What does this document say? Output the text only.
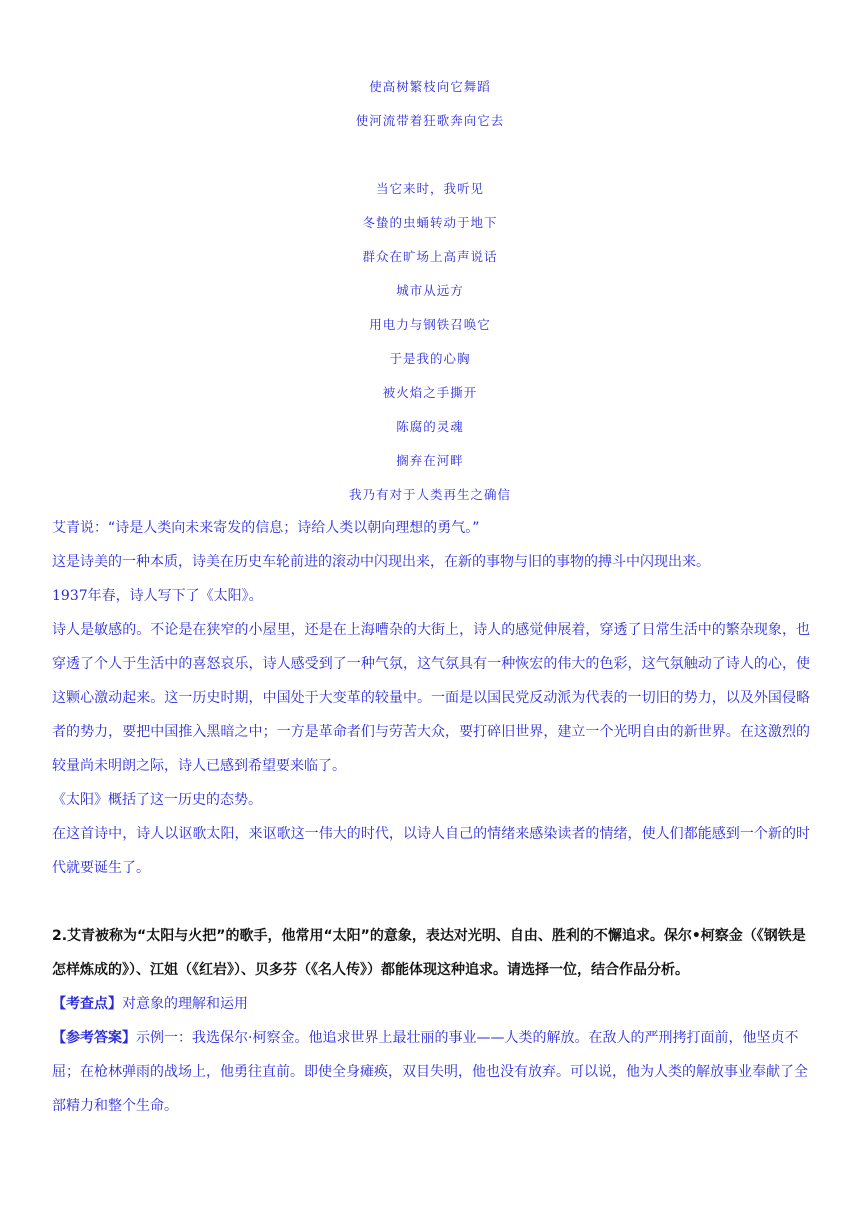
使高树繁枝向它舞蹈
使河流带着狂歌奔向它去
当它来时，我听见
冬蛰的虫蛹转动于地下
群众在旷场上高声说话
城市从远方
用电力与钢铁召唤它
于是我的心胸
被火焰之手撕开
陈腐的灵魂
搁弃在河畔
我乃有对于人类再生之确信

艾青说：“诗是人类向未来寄发的信息；诗给人类以朝向理想的勇气。”

这是诗美的一种本质，诗美在历史车轮前进的滚动中闪现出来，在新的事物与旧的事物的搏斗中闪现出来。

1937年春，诗人写下了《太阳》。

诗人是敏感的。不论是在狭窄的小屋里，还是在上海嘈杂的大街上，诗人的感觉伸展着，穿透了日常生活中的繁杂现象，也穿透了个人于生活中的喜怒哀乐，诗人感受到了一种气氛，这气氛具有一种恢宏的伟大的色彩，这气氛触动了诗人的心，使这颗心激动起来。这一历史时期，中国处于大变革的较量中。一面是以国民党反动派为代表的一切旧的势力，以及外国侵略者的势力，要把中国推入黑暗之中；一方是革命者们与劳苦大众，要打碎旧世界，建立一个光明自由的新世界。在这激烈的较量尚未明朗之际，诗人已感到希望要来临了。

《太阳》概括了这一历史的态势。

在这首诗中，诗人以讴歌太阳，来讴歌这一伟大的时代，以诗人自己的情绪来感染读者的情绪，使人们都能感到一个新的时代就要诞生了。

2.艾青被称为“太阳与火把”的歌手，他常用“太阳”的意象，表达对光明、自由、胜利的不懈追求。保尔•柯察金（《钢铁是怎样炼成的》）、江姐（《红岩》）、贝多芬（《名人传》）都能体现这种追求。请选择一位，结合作品分析。

【考查点】对意象的理解和运用

【参考答案】示例一：我选保尔·柯察金。他追求世界上最壮丽的事业——人类的解放。在敌人的严刑拷打面前，他坚贞不屈；在枪林弹雨的战场上，他勇往直前。即使全身瘫痪，双目失明，他也没有放弃。可以说，他为人类的解放事业奉献了全部精力和整个生命。
